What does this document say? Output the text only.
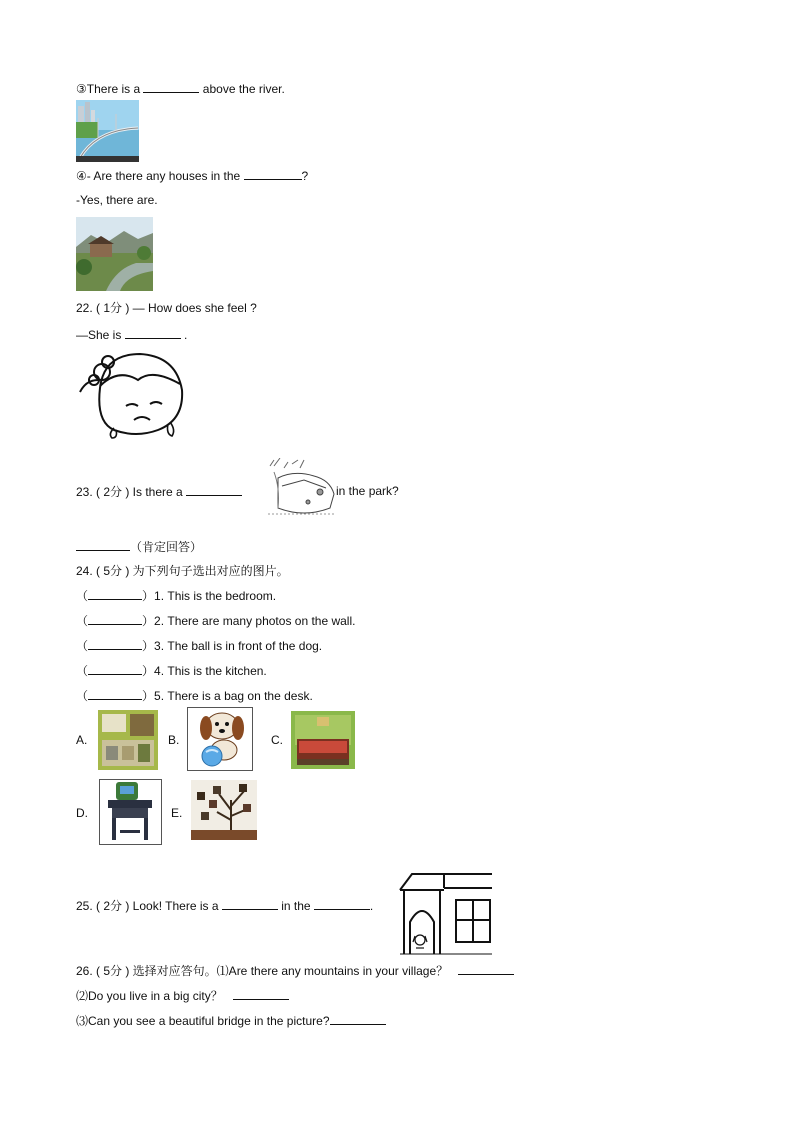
③There is a	above the river.
④- Are there any houses in the	?
-Yes, there are.
22. ( 1分 ) — How does she feel ?
—She is	.
23. ( 2分 ) Is there a	in the park?
（肯定回答）
24. ( 5分 ) 为下列句子选出对应的图片。
（	）1. This is the bedroom.
（	）2. There are many photos on the wall.
（	）3. The ball is in front of the dog.
（	）4. This is the kitchen.
（	）5. There is a bag on the desk.
A.	B.	C.
D.	E.
25. ( 2分 ) Look! There is a	in the	.
26. ( 5分 ) 选择对应答句。⑴Are there any mountains in your village？
⑵Do you live in a big city？
⑶Can you see a beautiful bridge in the picture?
